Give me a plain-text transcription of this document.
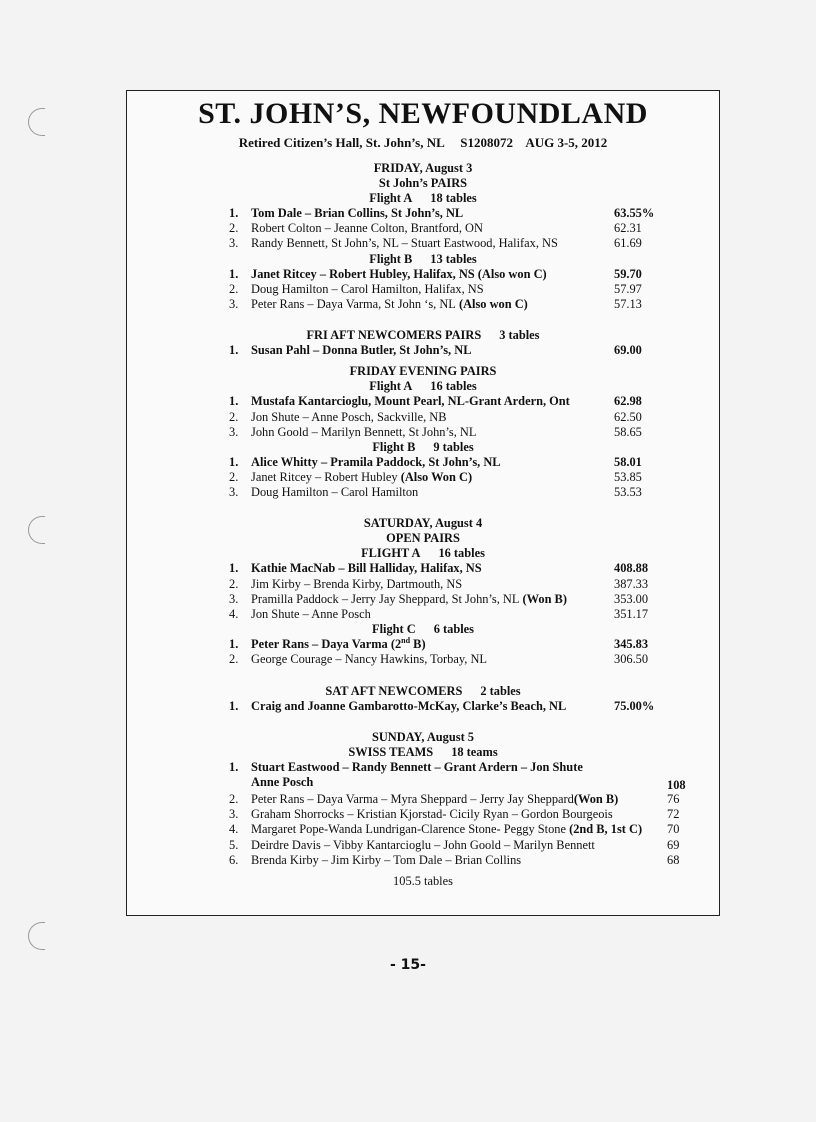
ST. JOHN’S, NEWFOUNDLAND
Retired Citizen’s Hall, St. John’s, NL     S1208072    AUG 3-5, 2012
FRIDAY, August 3
St John’s PAIRS
Flight A 18 tables
1. Tom Dale – Brian Collins, St John’s, NL	63.55%
2. Robert Colton – Jeanne Colton, Brantford, ON	62.31
3. Randy Bennett, St John’s, NL – Stuart Eastwood, Halifax, NS	61.69
Flight B 13 tables
1. Janet Ritcey – Robert Hubley, Halifax, NS (Also won C)	59.70
2. Doug Hamilton – Carol Hamilton, Halifax, NS	57.97
3. Peter Rans – Daya Varma, St John ‘s, NL (Also won C)	57.13
FRI AFT NEWCOMERS PAIRS 3 tables
1. Susan Pahl – Donna Butler, St John’s, NL	69.00
FRIDAY EVENING PAIRS
Flight A 16 tables
1. Mustafa Kantarcioglu, Mount Pearl, NL-Grant Ardern, Ont	62.98
2. Jon Shute – Anne Posch, Sackville, NB	62.50
3. John Goold – Marilyn Bennett, St John’s, NL	58.65
Flight B 9 tables
1. Alice Whitty – Pramila Paddock, St John’s, NL	58.01
2. Janet Ritcey – Robert Hubley (Also Won C)	53.85
3. Doug Hamilton – Carol Hamilton	53.53
SATURDAY, August 4
OPEN PAIRS
FLIGHT A 16 tables
1. Kathie MacNab – Bill Halliday, Halifax, NS	408.88
2. Jim Kirby – Brenda Kirby, Dartmouth, NS	387.33
3. Pramilla Paddock – Jerry Jay Sheppard, St John’s, NL (Won B)	353.00
4. Jon Shute – Anne Posch	351.17
Flight C 6 tables
1. Peter Rans – Daya Varma (2nd B)	345.83
2. George Courage – Nancy Hawkins, Torbay, NL	306.50
SAT AFT NEWCOMERS 2 tables
1. Craig and Joanne Gambarotto-McKay, Clarke’s Beach, NL	75.00%
SUNDAY, August 5
SWISS TEAMS 18 teams
1. Stuart Eastwood – Randy Bennett – Grant Ardern – Jon Shute
Anne Posch	108
2. Peter Rans – Daya Varma – Myra Sheppard – Jerry Jay Sheppard(Won B)	76
3. Graham Shorrocks – Kristian Kjorstad- Cicily Ryan – Gordon Bourgeois	72
4. Margaret Pope-Wanda Lundrigan-Clarence Stone- Peggy Stone (2nd B, 1st C) 70
5. Deirdre Davis – Vibby Kantarcioglu – John Goold – Marilyn Bennett	69
6. Brenda Kirby – Jim Kirby – Tom Dale – Brian Collins	68
105.5 tables
- 15-
